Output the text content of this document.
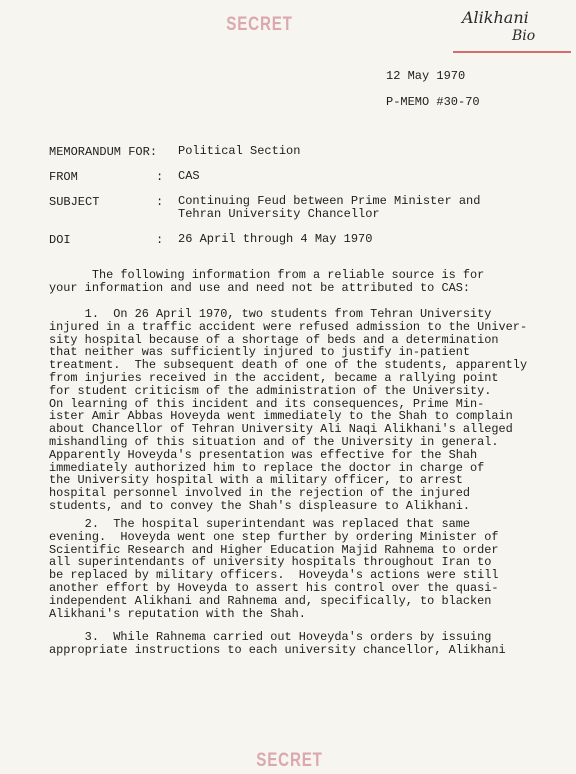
SECRET	Alikhani
Bio
12 May 1970
P-MEMO #30-70
MEMORANDUM FOR: Political Section
FROM	: CAS
SUBJECT	: Continuing Feud between Prime Minister and
Tehran University Chancellor
DOI	: 26 April through 4 May 1970
The following information from a reliable source is for
your information and use and need not be attributed to CAS:
1.  On 26 April 1970, two students from Tehran University
injured in a traffic accident were refused admission to the Univer-
sity hospital because of a shortage of beds and a determination
that neither was sufficiently injured to justify in-patient
treatment.  The subsequent death of one of the students, apparently
from injuries received in the accident, became a rallying point
for student criticism of the administration of the University.
On learning of this incident and its consequences, Prime Min-
ister Amir Abbas Hoveyda went immediately to the Shah to complain
about Chancellor of Tehran University Ali Naqi Alikhani's alleged
mishandling of this situation and of the University in general.
Apparently Hoveyda's presentation was effective for the Shah
immediately authorized him to replace the doctor in charge of
the University hospital with a military officer, to arrest
hospital personnel involved in the rejection of the injured
students, and to convey the Shah's displeasure to Alikhani.
2.  The hospital superintendant was replaced that same
evening.  Hoveyda went one step further by ordering Minister of
Scientific Research and Higher Education Majid Rahnema to order
all superintendants of university hospitals throughout Iran to
be replaced by military officers.  Hoveyda's actions were still
another effort by Hoveyda to assert his control over the quasi-
independent Alikhani and Rahnema and, specifically, to blacken
Alikhani's reputation with the Shah.
3.  While Rahnema carried out Hoveyda's orders by issuing
appropriate instructions to each university chancellor, Alikhani
SECRET
